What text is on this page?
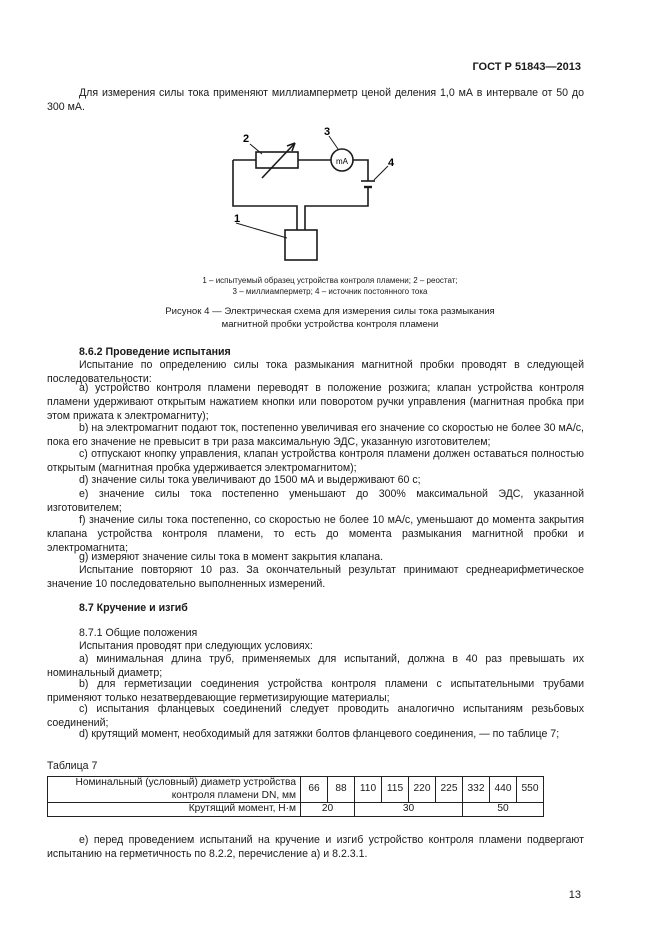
ГОСТ Р 51843—2013
Для измерения силы тока применяют миллиамперметр ценой деления 1,0 мА в интервале от 50 до 300 мА.
mA
1
2
3
4
1 – испытуемый образец устройства контроля пламени; 2 – реостат;
3 – миллиамперметр; 4 – источник постоянного тока
Рисунок 4 — Электрическая схема для измерения силы тока размыкания
магнитной пробки устройства контроля пламени
8.6.2 Проведение испытания
Испытание по определению силы тока размыкания магнитной пробки проводят в следующей последовательности:
а) устройство контроля пламени переводят в положение розжига; клапан устройства контроля пламени удерживают открытым нажатием кнопки или поворотом ручки управления (магнитная пробка при этом прижата к электромагниту);
b) на электромагнит подают ток, постепенно увеличивая его значение со скоростью не более 30 мА/с, пока его значение не превысит в три раза максимальную ЭДС, указанную изготовителем;
с) отпускают кнопку управления, клапан устройства контроля пламени должен оставаться полностью открытым (магнитная пробка удерживается электромагнитом);
d) значение силы тока увеличивают до 1500 мА и выдерживают 60 с;
е) значение силы тока постепенно уменьшают до 300% максимальной ЭДС, указанной изготовителем;
f) значение силы тока постепенно, со скоростью не более 10 мА/с, уменьшают до момента закрытия клапана устройства контроля пламени, то есть до момента размыкания магнитной пробки и электромагнита;
g) измеряют значение силы тока в момент закрытия клапана.
Испытание повторяют 10 раз. За окончательный результат принимают среднеарифметическое значение 10 последовательно выполненных измерений.
8.7 Кручение и изгиб
8.7.1 Общие положения
Испытания проводят при следующих условиях:
а) минимальная длина труб, применяемых для испытаний, должна в 40 раз превышать их номинальный диаметр;
b) для герметизации соединения устройства контроля пламени с испытательными трубами применяют только незатвердевающие герметизирующие материалы;
с) испытания фланцевых соединений следует проводить аналогично испытаниям резьбовых соединений;
d) крутящий момент, необходимый для затяжки болтов фланцевого соединения, — по таблице 7;
Таблица 7
Номинальный (условный) диаметр устройства контроля пламени DN, мм	66	88	110	115	220	225	332	440	550
Крутящий момент, Н·м	20		30				50		
е) перед проведением испытаний на кручение и изгиб устройство контроля пламени подвергают испытанию на герметичность по 8.2.2, перечисление а) и 8.2.3.1.
13
